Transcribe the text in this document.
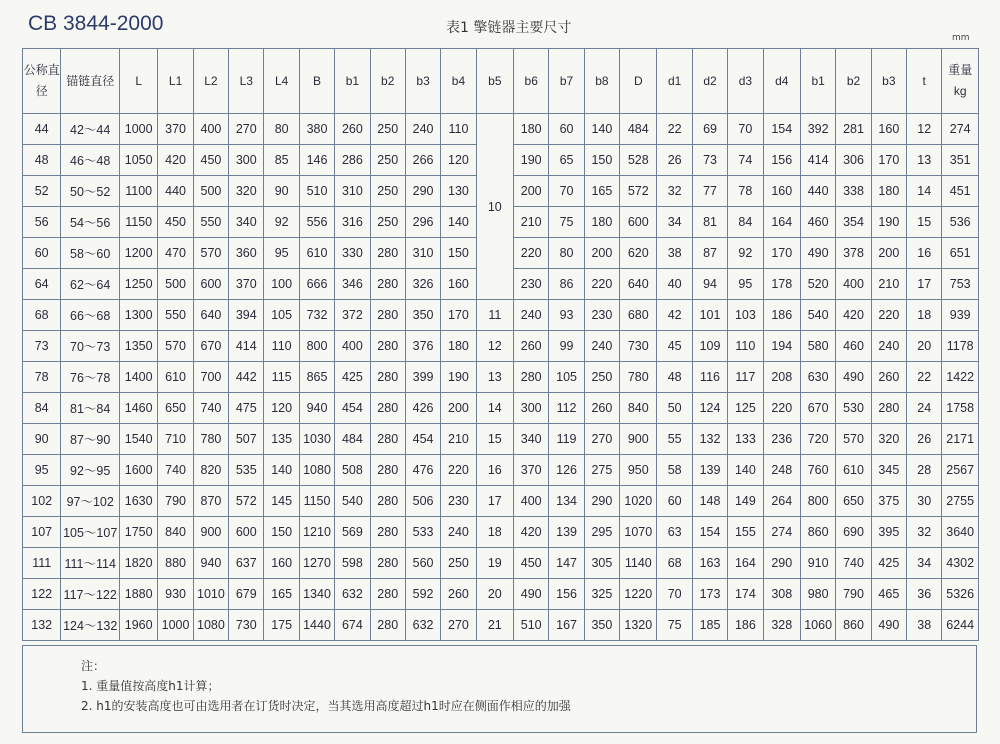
CB 3844-2000	表1 擎链器主要尺寸
mm
公称直径	锚链直径	L	L1	L2	L3	L4	B	b1	b2	b3	b4	b5	b6	b7	b8	D	d1	d2	d3	d4	b1	b2	b3	t	重量kg
44	42～44	1000	370	400	270	80	380	260	250	240	110	10	180	60	140	484	22	69	70	154	392	281	160	12	274
48	46～48	1050	420	450	300	85	146	286	250	266	120		190	65	150	528	26	73	74	156	414	306	170	13	351
52	50～52	1100	440	500	320	90	510	310	250	290	130		200	70	165	572	32	77	78	160	440	338	180	14	451
56	54～56	1150	450	550	340	92	556	316	250	296	140		210	75	180	600	34	81	84	164	460	354	190	15	536
60	58～60	1200	470	570	360	95	610	330	280	310	150		220	80	200	620	38	87	92	170	490	378	200	16	651
64	62～64	1250	500	600	370	100	666	346	280	326	160		230	86	220	640	40	94	95	178	520	400	210	17	753
68	66～68	1300	550	640	394	105	732	372	280	350	170	11	240	93	230	680	42	101	103	186	540	420	220	18	939
73	70～73	1350	570	670	414	110	800	400	280	376	180	12	260	99	240	730	45	109	110	194	580	460	240	20	1178
78	76～78	1400	610	700	442	115	865	425	280	399	190	13	280	105	250	780	48	116	117	208	630	490	260	22	1422
84	81～84	1460	650	740	475	120	940	454	280	426	200	14	300	112	260	840	50	124	125	220	670	530	280	24	1758
90	87～90	1540	710	780	507	135	1030	484	280	454	210	15	340	119	270	900	55	132	133	236	720	570	320	26	2171
95	92～95	1600	740	820	535	140	1080	508	280	476	220	16	370	126	275	950	58	139	140	248	760	610	345	28	2567
102	97～102	1630	790	870	572	145	1150	540	280	506	230	17	400	134	290	1020	60	148	149	264	800	650	375	30	2755
107	105～107	1750	840	900	600	150	1210	569	280	533	240	18	420	139	295	1070	63	154	155	274	860	690	395	32	3640
111	111～114	1820	880	940	637	160	1270	598	280	560	250	19	450	147	305	1140	68	163	164	290	910	740	425	34	4302
122	117～122	1880	930	1010	679	165	1340	632	280	592	260	20	490	156	325	1220	70	173	174	308	980	790	465	36	5326
132	124～132	1960	1000	1080	730	175	1440	674	280	632	270	21	510	167	350	1320	75	185	186	328	1060	860	490	38	6244
注：
1. 重量值按高度h1计算；
2. h1的安装高度也可由选用者在订货时决定，当其选用高度超过h1时应在侧面作相应的加强
